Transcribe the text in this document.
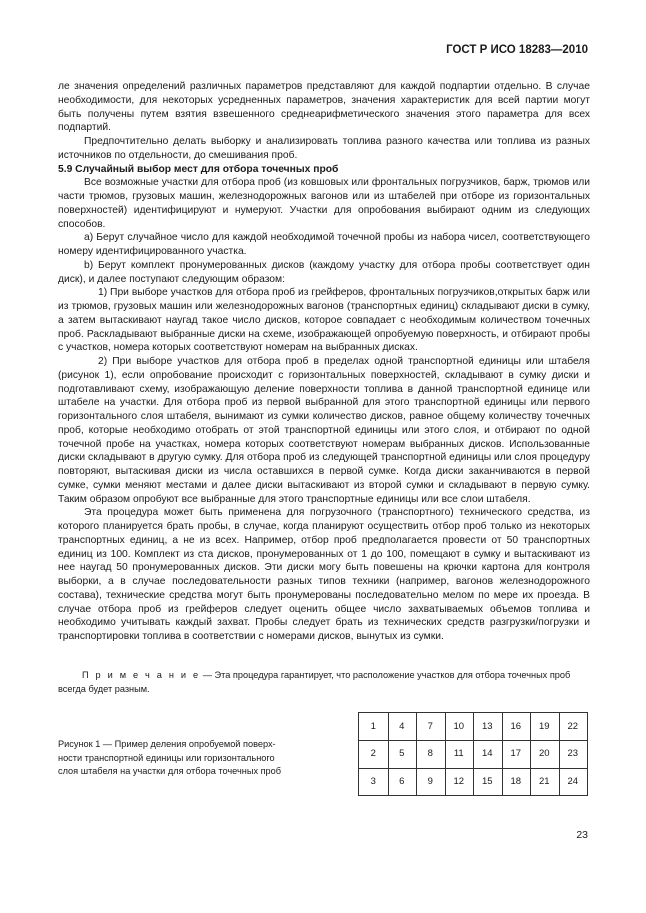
ГОСТ Р ИСО 18283—2010

ле значения определений различных параметров представляют для каждой подпартии отдельно. В случае необходимости, для некоторых усредненных параметров, значения характеристик для всей партии могут быть получены путем взятия взвешенного среднеарифметического значения этого параметра для всех подпартий.

Предпочтительно делать выборку и анализировать топлива разного качества или топлива из разных источников по отдельности, до смешивания проб.

5.9 Случайный выбор мест для отбора точечных проб

Все возможные участки для отбора проб (из ковшовых или фронтальных погрузчиков, барж, трюмов или части трюмов, грузовых машин, железнодорожных вагонов или из штабелей при отборе из горизонтальных поверхностей) идентифицируют и нумеруют. Участки для опробования выбирают одним из следующих способов.

а) Берут случайное число для каждой необходимой точечной пробы из набора чисел, соответствующего номеру идентифицированного участка.

b) Берут комплект пронумерованных дисков (каждому участку для отбора пробы соответствует один диск), и далее поступают следующим образом:

1) При выборе участков для отбора проб из грейферов, фронтальных погрузчиков,открытых барж или из трюмов, грузовых машин или железнодорожных вагонов (транспортных единиц) складывают диски в сумку, а затем вытаскивают наугад такое число дисков, которое совпадает с необходимым количеством точечных проб. Раскладывают выбранные диски на схеме, изображающей опробуемую поверхность, и отбирают пробы с участков, номера которых соответствуют номерам на выбранных дисках.

2) При выборе участков для отбора проб в пределах одной транспортной единицы или штабеля (рисунок 1), если опробование происходит с горизонтальных поверхностей, складывают в сумку диски и подготавливают схему, изображающую деление поверхности топлива в данной транспортной единице или штабеле на участки. Для отбора проб из первой выбранной для этого транспортной единицы или первого горизонтального слоя штабеля, вынимают из сумки количество дисков, равное общему количеству точечных проб, которые необходимо отобрать от этой транспортной единицы или этого слоя, и отбирают по одной точечной пробе на участках, номера которых соответствуют номерам выбранных дисков. Использованные диски складывают в другую сумку. Для отбора проб из следующей транспортной единицы или слоя процедуру повторяют, вытаскивая диски из числа оставшихся в первой сумке. Когда диски заканчиваются в первой сумке, сумки меняют местами и далее диски вытаскивают из второй сумки и складывают в первую сумку. Таким образом опробуют все выбранные для этого транспортные единицы или все слои штабеля.

Эта процедура может быть применена для погрузочного (транспортного) технического средства, из которого планируется брать пробы, в случае, когда планируют осуществить отбор проб только из некоторых транспортных единиц, а не из всех. Например, отбор проб предполагается провести от 50 транспортных единиц из 100. Комплект из ста дисков, пронумерованных от 1 до 100, помещают в сумку и вытаскивают из нее наугад 50 пронумерованных дисков. Эти диски могу быть повешены на крючки картона для контроля выборки, а в случае последовательности разных типов техники (например, вагонов железнодорожного состава), технические средства могут быть пронумерованы последовательно мелом по мере их проезда. В случае отбора проб из грейферов следует оценить общее число захватываемых объемов топлива и необходимо учитывать каждый захват. Пробы следует брать из технических средств разгрузки/погрузки и транспортировки топлива в соответствии с номерами дисков, вынутых из сумки.

П р и м е ч а н и е — Эта процедура гарантирует, что расположение участков для отбора точечных проб всегда будет разным.
Рисунок 1 — Пример деления опробуемой поверх-
ности транспортной единицы или горизонтального
слоя штабеля на участки для отбора точечных проб
1	4	7	10	13	16	19	22
2	5	8	11	14	17	20	23
3	6	9	12	15	18	21	24
23
